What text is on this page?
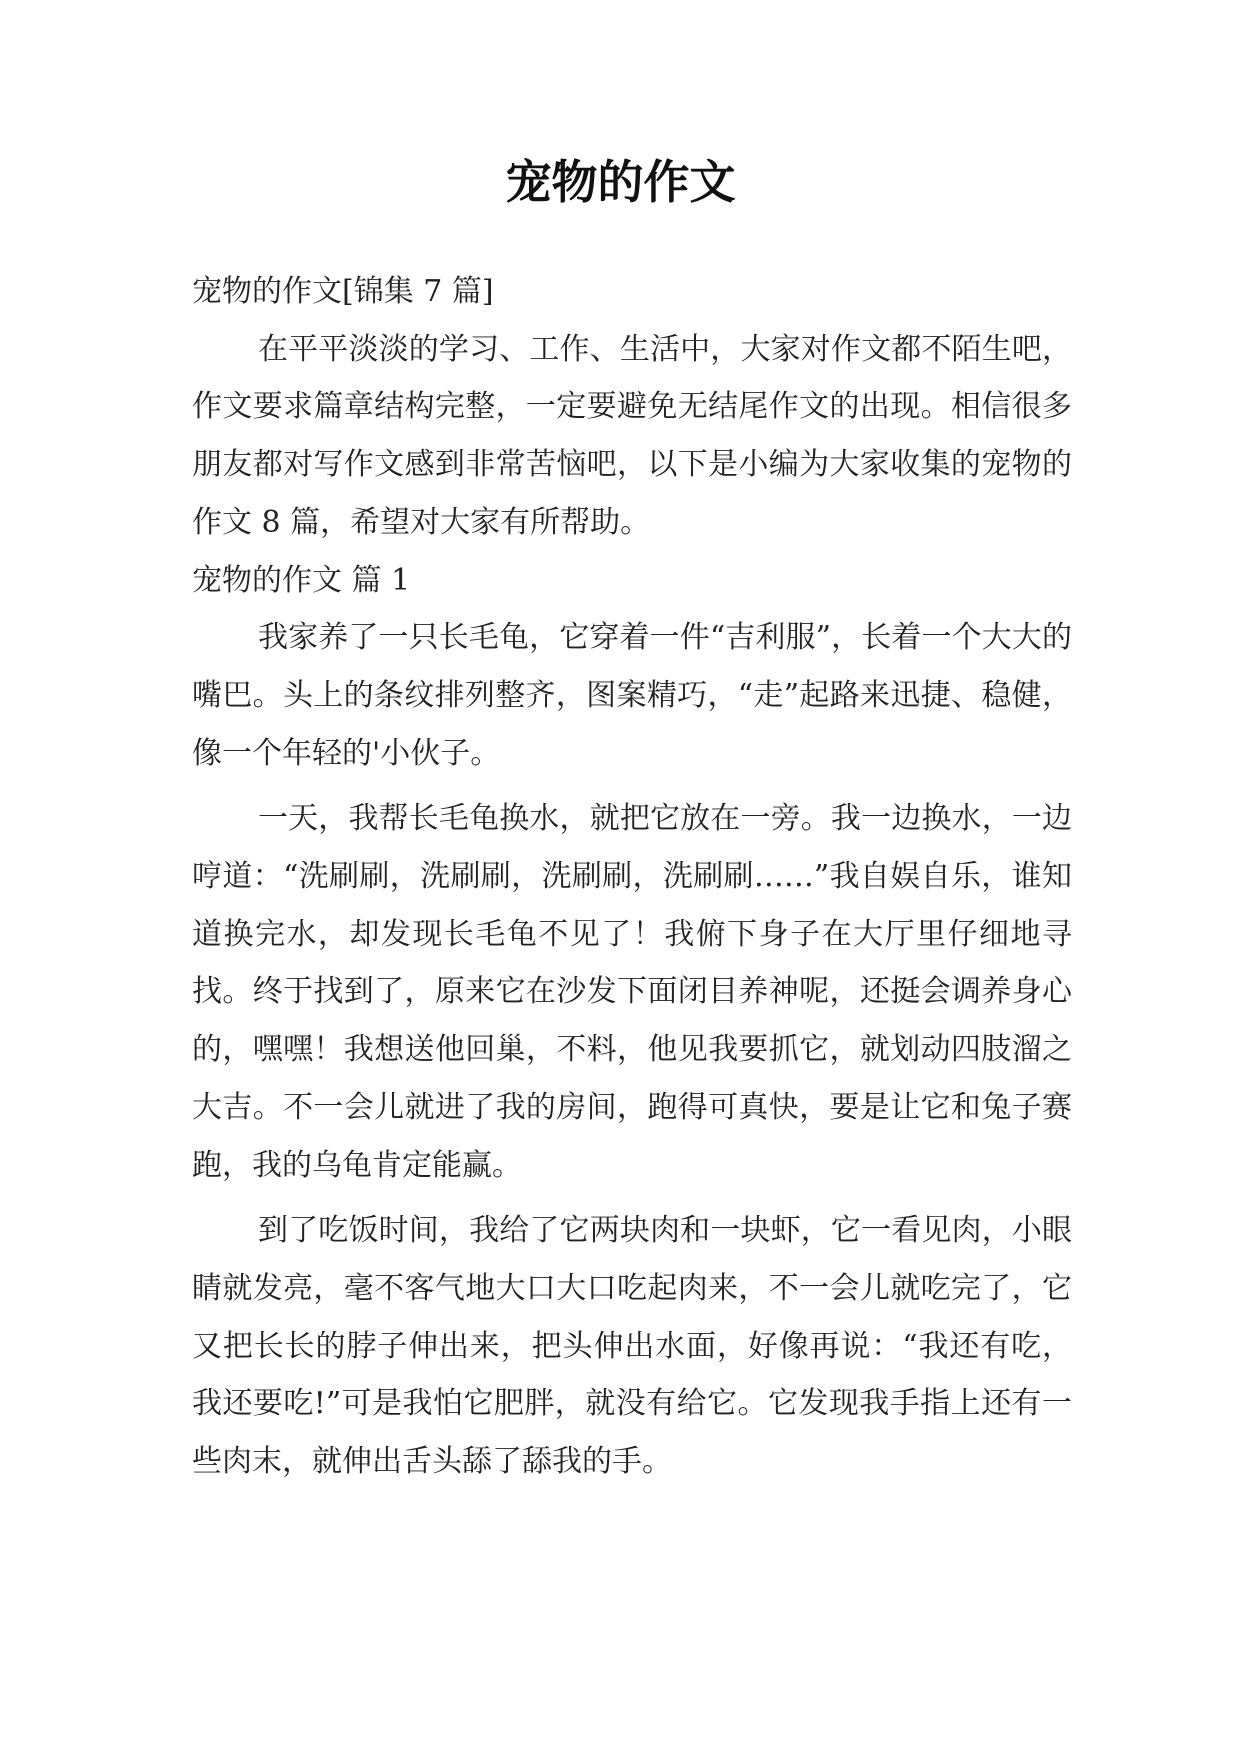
宠物的作文

宠物的作文[锦集 7 篇]

在平平淡淡的学习、工作、生活中，大家对作文都不陌生吧，作文要求篇章结构完整，一定要避免无结尾作文的出现。相信很多朋友都对写作文感到非常苦恼吧，以下是小编为大家收集的宠物的作文 8 篇，希望对大家有所帮助。

宠物的作文 篇 1

我家养了一只长毛龟，它穿着一件“吉利服”，长着一个大大的嘴巴。头上的条纹排列整齐，图案精巧，“走”起路来迅捷、稳健，像一个年轻的'小伙子。

一天，我帮长毛龟换水，就把它放在一旁。我一边换水，一边哼道：“洗刷刷，洗刷刷，洗刷刷，洗刷刷……”我自娱自乐，谁知道换完水，却发现长毛龟不见了！我俯下身子在大厅里仔细地寻找。终于找到了，原来它在沙发下面闭目养神呢，还挺会调养身心的，嘿嘿！我想送他回巢，不料，他见我要抓它，就划动四肢溜之大吉。不一会儿就进了我的房间，跑得可真快，要是让它和兔子赛跑，我的乌龟肯定能赢。

到了吃饭时间，我给了它两块肉和一块虾，它一看见肉，小眼睛就发亮，毫不客气地大口大口吃起肉来，不一会儿就吃完了，它又把长长的脖子伸出来，把头伸出水面，好像再说：“我还有吃，我还要吃!”可是我怕它肥胖，就没有给它。它发现我手指上还有一些肉末，就伸出舌头舔了舔我的手。
